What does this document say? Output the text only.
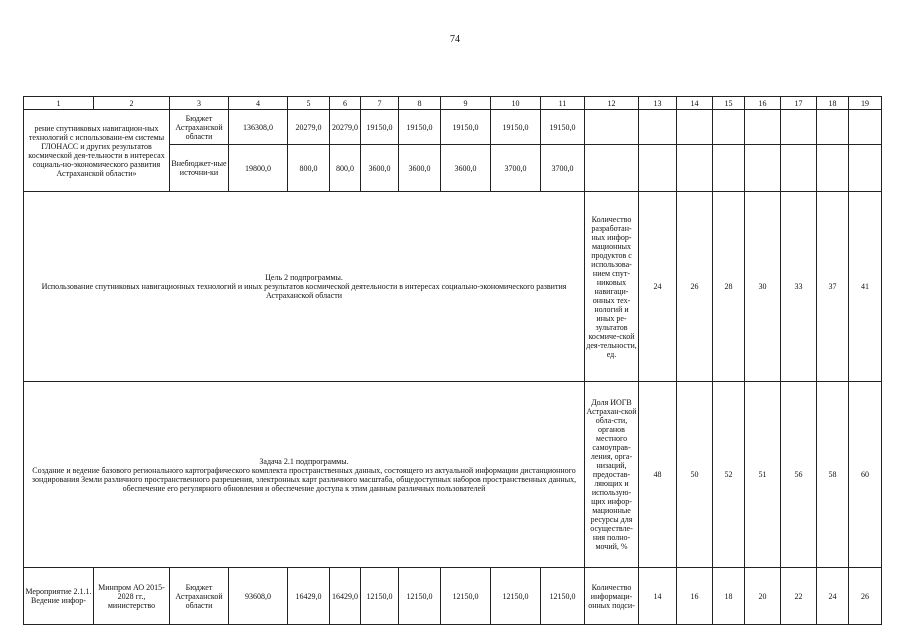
74
1	2	3	4	5	6	7	8	9	10	11	12	13	14	15	16	17	18	19
рение спутниковых навигацион-ных технологий с использовани-ем системы ГЛОНАСС и других результатов космической дея-тельности в интересах социаль-но-экономического развития Астраханской области»		Бюджет Астраханской области	136308,0	20279,0	20279,0	19150,0	19150,0	19150,0	19150,0	19150,0								
		Внебюджет-ные источни-ки	19800,0	800,0	800,0	3600,0	3600,0	3600,0	3700,0	3700,0								

Цель 2 подпрограммы.
Использование спутниковых навигационных технологий и иных результатов космической деятельности в интересах социально-экономического развития Астраханской области											Количество разработан-ных инфор-мационных продуктов с использова-нием спут-никовых навигаци-онных тех-нологий и иных ре-зультатов космиче-ской дея-тельности, ед.	24	26	28	30	33	37	41

Задача 2.1 подпрограммы.
Создание и ведение базового регионального картографического комплекта пространственных данных, состоящего из актуальной информации дистанционного зондирования Земли различного пространственного разрешения, электронных карт различного масштаба, общедоступных наборов пространственных данных, обеспечение его регулярного обновления и обеспечение доступа к этим данным различных пользователей											Доля ИОГВ Астрахан-ской обла-сти, органов местного самоуправ-ления, орга-низаций, предостав-ляющих и использую-щих инфор-мационные ресурсы для осуществле-ния полно-мочий, %	48	50	52	51	56	58	60
Мероприятие 2.1.1. Ведение инфор-	Минпром АО 2015-2028 гг., министерство	Бюджет Астраханской области	93608,0	16429,0	16429,0	12150,0	12150,0	12150,0	12150,0	12150,0	Количество информаци-онных подси-	14	16	18	20	22	24	26
